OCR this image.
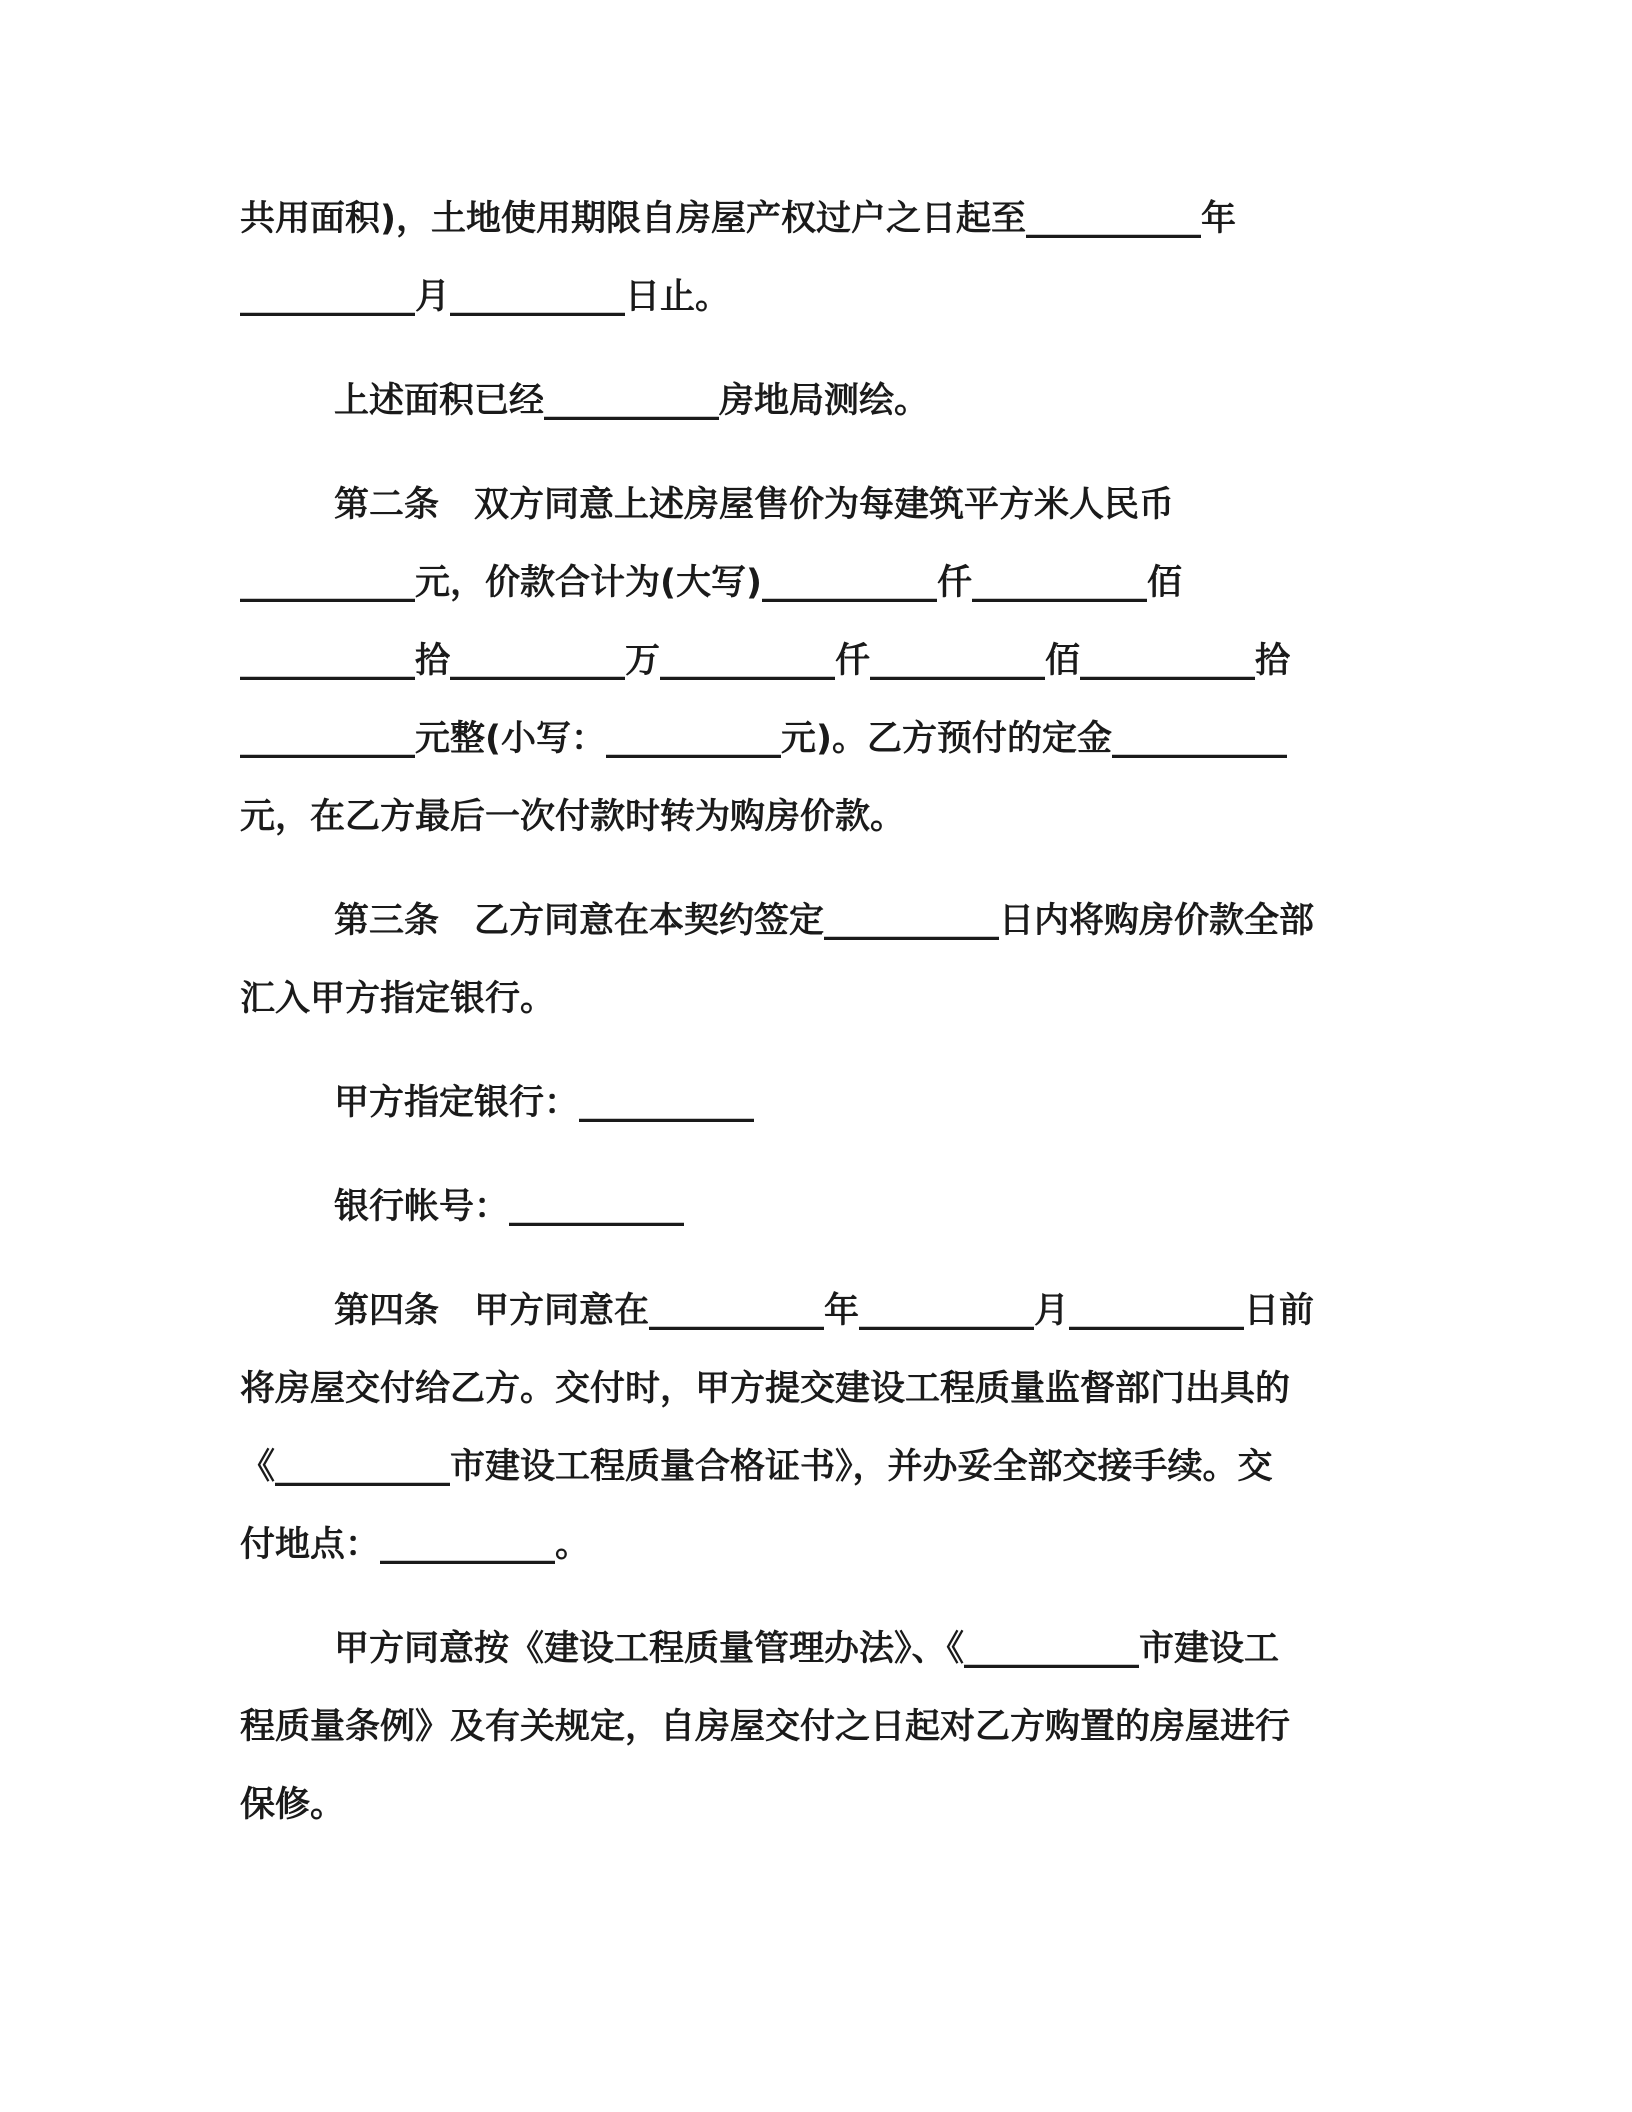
共用面积)，土地使用期限自房屋产权过户之日起至__________年
__________月__________日止。
上述面积已经__________房地局测绘。
第二条　双方同意上述房屋售价为每建筑平方米人民币
__________元，价款合计为(大写)__________仟__________佰
__________拾__________万__________仟__________佰__________拾
__________元整(小写：__________元)。乙方预付的定金__________
元，在乙方最后一次付款时转为购房价款。
第三条　乙方同意在本契约签定__________日内将购房价款全部
汇入甲方指定银行。
甲方指定银行：__________
银行帐号：__________
第四条　甲方同意在__________年__________月__________日前
将房屋交付给乙方。交付时，甲方提交建设工程质量监督部门出具的
《__________市建设工程质量合格证书》，并办妥全部交接手续。交
付地点：__________。
甲方同意按《建设工程质量管理办法》、《__________市建设工
程质量条例》及有关规定，自房屋交付之日起对乙方购置的房屋进行
保修。
